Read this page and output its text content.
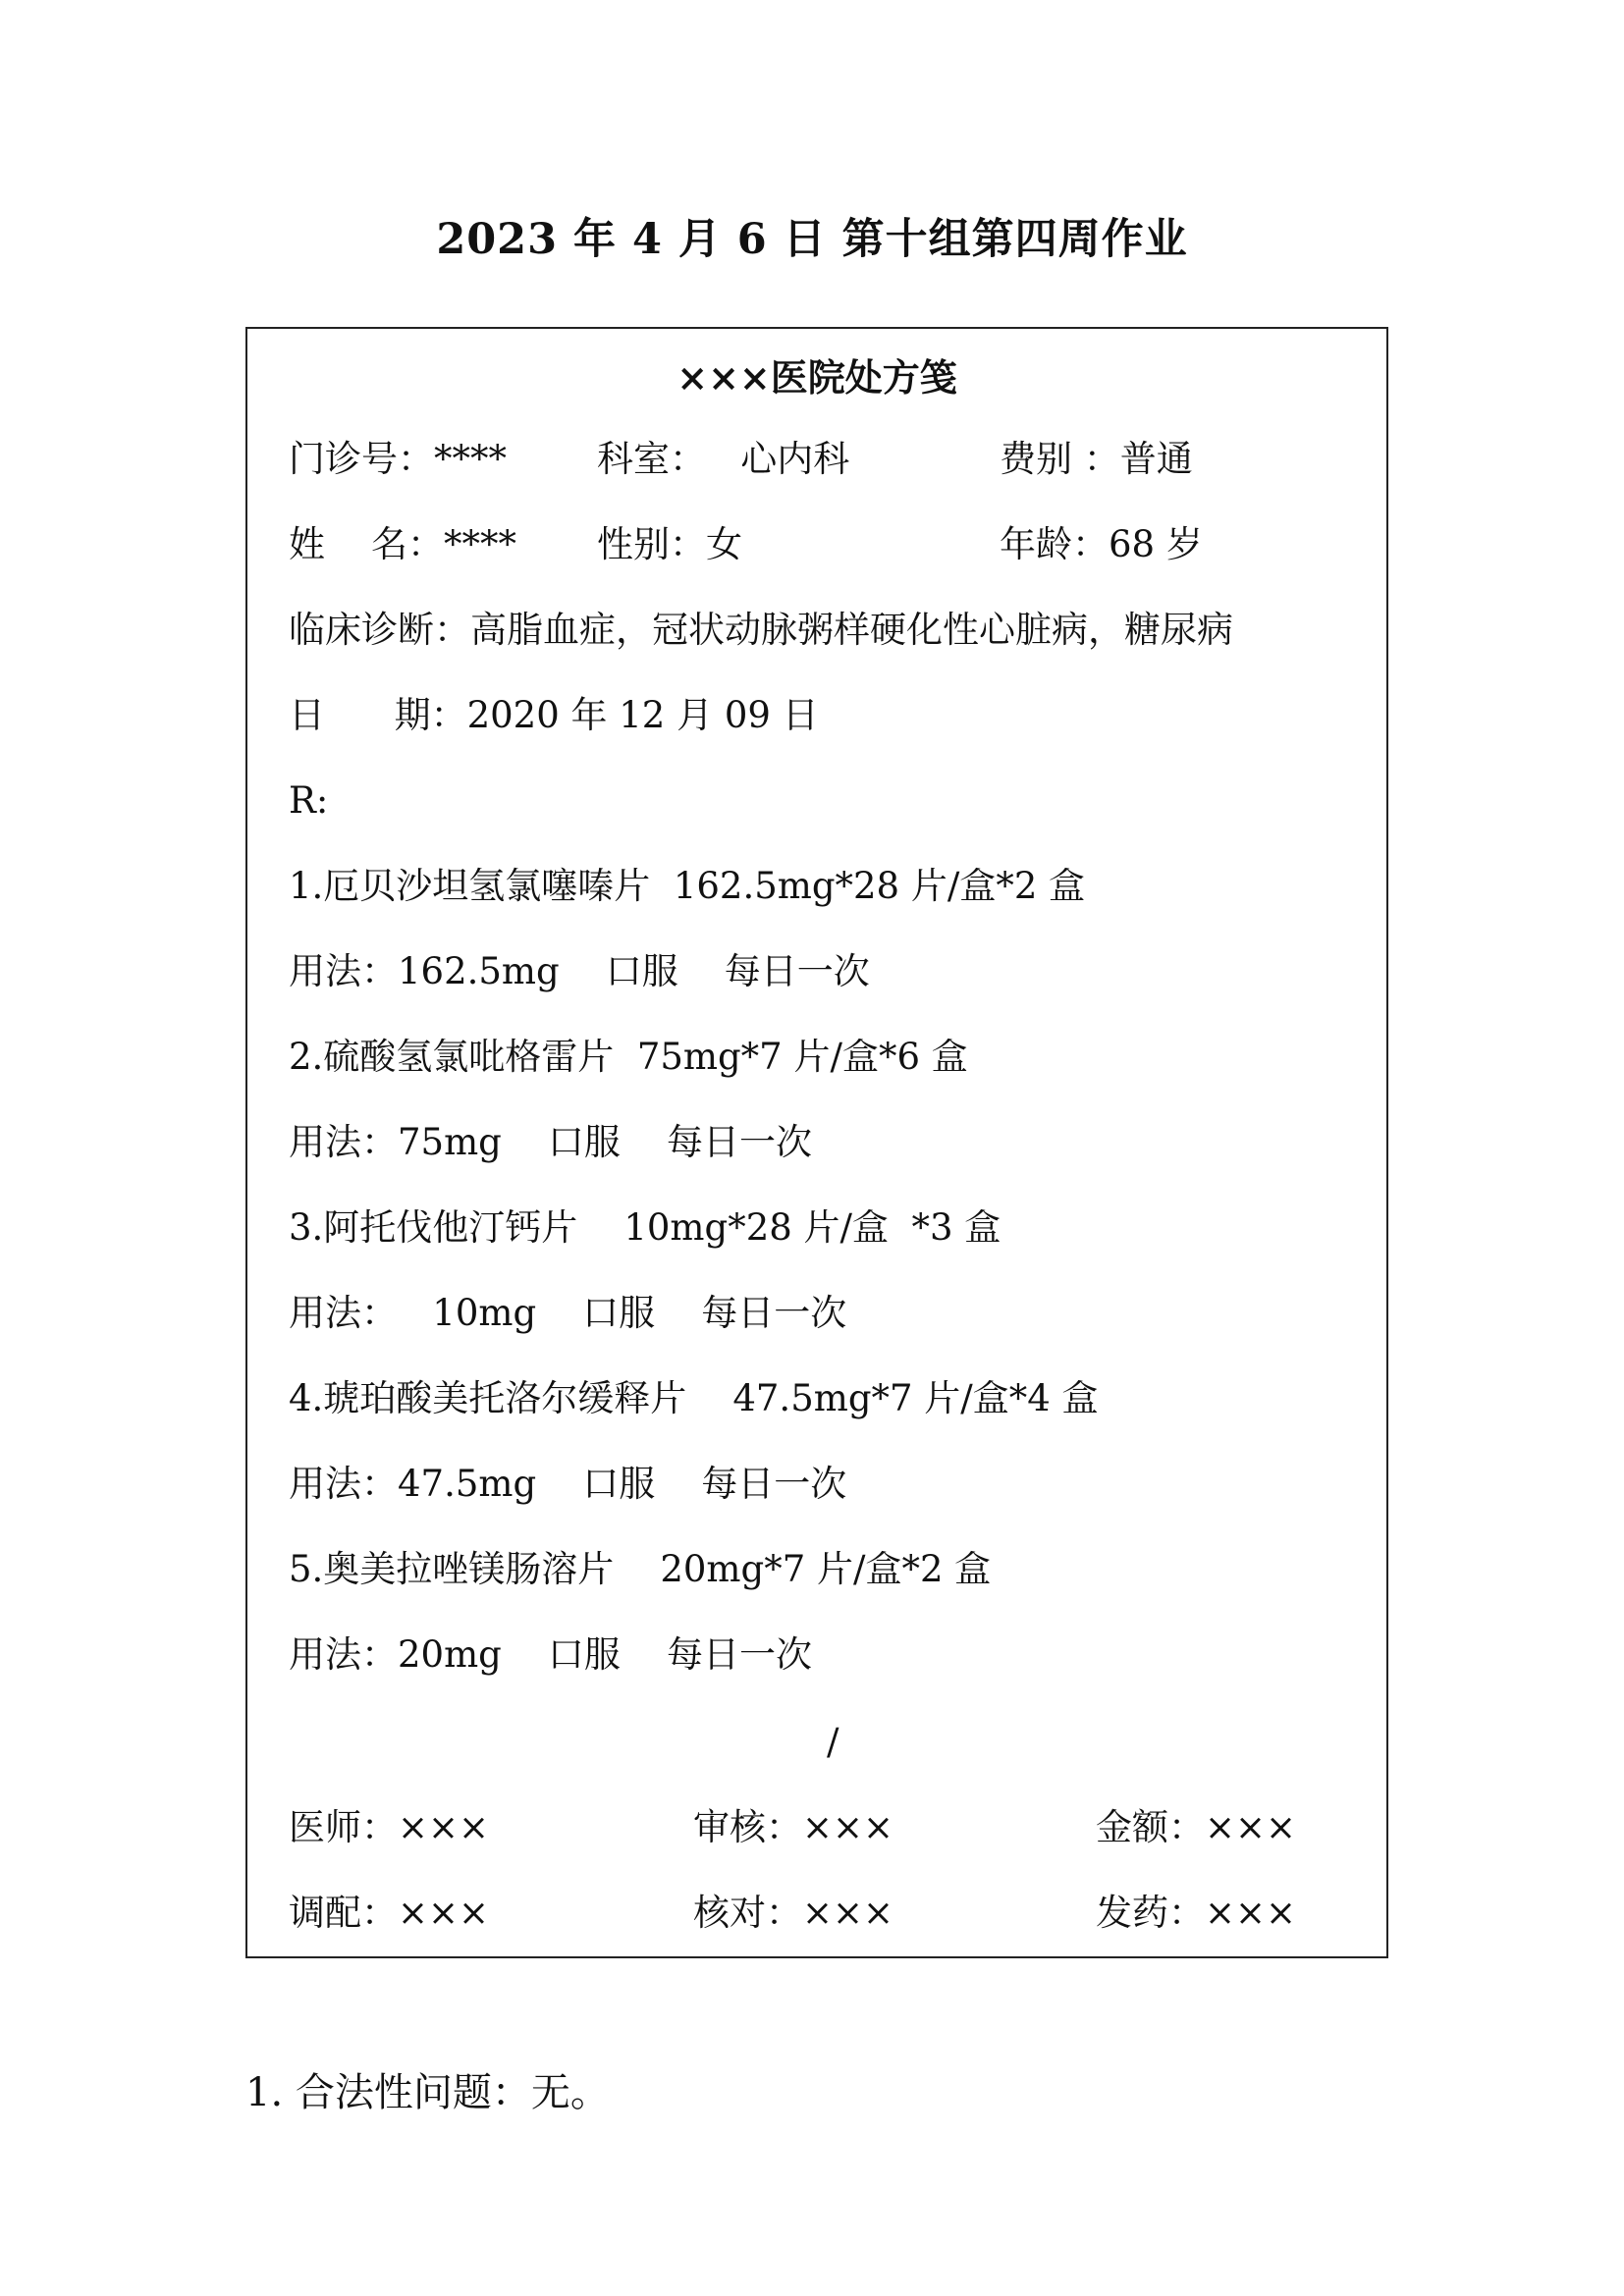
2023 年 4 月 6 日 第十组第四周作业
×××医院处方笺
门诊号：**** 科室：   心内科	费别 ：普通
姓    名：**** 性别：女	年龄：68 岁
临床诊断：高脂血症，冠状动脉粥样硬化性心脏病，糖尿病
日      期：2020 年 12 月 09 日
R:
1.厄贝沙坦氢氯噻嗪片  162.5mg*28 片/盒*2 盒
用法：162.5mg    口服    每日一次
2.硫酸氢氯吡格雷片  75mg*7 片/盒*6 盒
用法：75mg    口服    每日一次
3.阿托伐他汀钙片    10mg*28 片/盒  *3 盒
用法：   10mg    口服    每日一次
4.琥珀酸美托洛尔缓释片    47.5mg*7 片/盒*4 盒
用法：47.5mg    口服    每日一次
5.奥美拉唑镁肠溶片    20mg*7 片/盒*2 盒
用法：20mg    口服    每日一次
/
医师：×××	审核：×××	金额：×××
调配：×××	核对：×××	发药：×××
1. 合法性问题：无。
